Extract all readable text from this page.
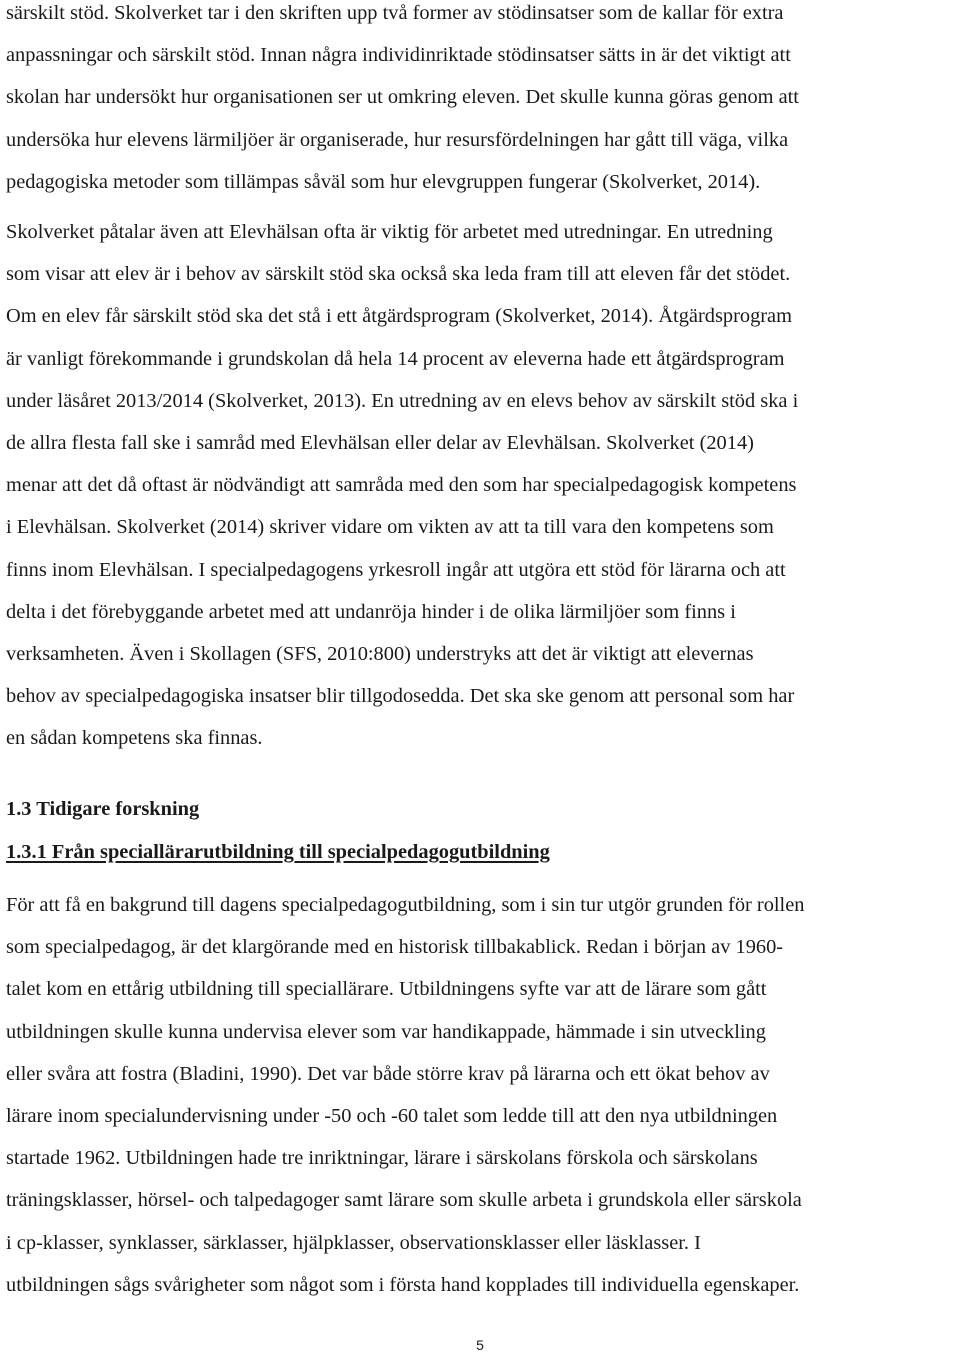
särskilt stöd. Skolverket tar i den skriften upp två former av stödinsatser som de kallar för extra
anpassningar och särskilt stöd. Innan några individinriktade stödinsatser sätts in är det viktigt att
skolan har undersökt hur organisationen ser ut omkring eleven. Det skulle kunna göras genom att
undersöka hur elevens lärmiljöer är organiserade, hur resursfördelningen har gått till väga, vilka
pedagogiska metoder som tillämpas såväl som hur elevgruppen fungerar (Skolverket, 2014).
Skolverket påtalar även att Elevhälsan ofta är viktig för arbetet med utredningar. En utredning
som visar att elev är i behov av särskilt stöd ska också ska leda fram till att eleven får det stödet.
Om en elev får särskilt stöd ska det stå i ett åtgärdsprogram (Skolverket, 2014). Åtgärdsprogram
är vanligt förekommande i grundskolan då hela 14 procent av eleverna hade ett åtgärdsprogram
under läsåret 2013/2014 (Skolverket, 2013). En utredning av en elevs behov av särskilt stöd ska i
de allra flesta fall ske i samråd med Elevhälsan eller delar av Elevhälsan. Skolverket (2014)
menar att det då oftast är nödvändigt att samråda med den som har specialpedagogisk kompetens
i Elevhälsan. Skolverket (2014) skriver vidare om vikten av att ta till vara den kompetens som
finns inom Elevhälsan. I specialpedagogens yrkesroll ingår att utgöra ett stöd för lärarna och att
delta i det förebyggande arbetet med att undanröja hinder i de olika lärmiljöer som finns i
verksamheten. Även i Skollagen (SFS, 2010:800) understryks att det är viktigt att elevernas
behov av specialpedagogiska insatser blir tillgodosedda. Det ska ske genom att personal som har
en sådan kompetens ska finnas.
1.3 Tidigare forskning
1.3.1 Från speciallärarutbildning till specialpedagogutbildning
För att få en bakgrund till dagens specialpedagogutbildning, som i sin tur utgör grunden för rollen
som specialpedagog, är det klargörande med en historisk tillbakablick. Redan i början av 1960-
talet kom en ettårig utbildning till speciallärare. Utbildningens syfte var att de lärare som gått
utbildningen skulle kunna undervisa elever som var handikappade, hämmade i sin utveckling
eller svåra att fostra (Bladini, 1990). Det var både större krav på lärarna och ett ökat behov av
lärare inom specialundervisning under -50 och -60 talet som ledde till att den nya utbildningen
startade 1962. Utbildningen hade tre inriktningar, lärare i särskolans förskola och särskolans
träningsklasser, hörsel- och talpedagoger samt lärare som skulle arbeta i grundskola eller särskola
i cp-klasser, synklasser, särklasser, hjälpklasser, observationsklasser eller läsklasser. I
utbildningen sågs svårigheter som något som i första hand kopplades till individuella egenskaper.
5
